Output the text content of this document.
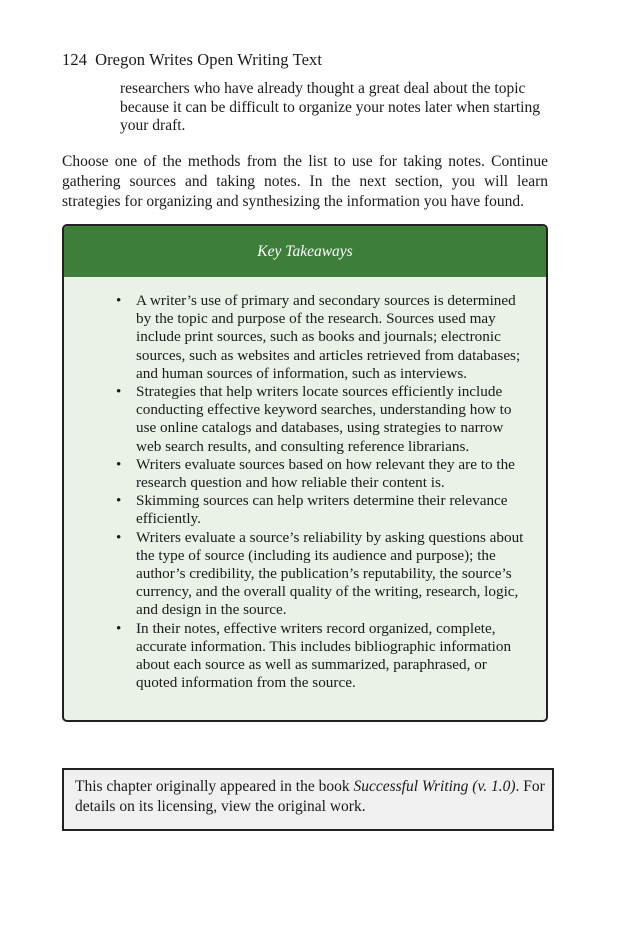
124 Oregon Writes Open Writing Text

researchers who have already thought a great deal about the topic because it can be difficult to organize your notes later when starting your draft.

Choose one of the methods from the list to use for taking notes. Continue gathering sources and taking notes. In the next section, you will learn strategies for organizing and synthesizing the information you have found.

Key Takeaways
• A writer’s use of primary and secondary sources is determined by the topic and purpose of the research. Sources used may include print sources, such as books and journals; electronic sources, such as websites and articles retrieved from databases; and human sources of information, such as interviews.
• Strategies that help writers locate sources efficiently include conducting effective keyword searches, understanding how to use online catalogs and databases, using strategies to narrow web search results, and consulting reference librarians.
• Writers evaluate sources based on how relevant they are to the research question and how reliable their content is.
• Skimming sources can help writers determine their relevance efficiently.
• Writers evaluate a source’s reliability by asking questions about the type of source (including its audience and purpose); the author’s credibility, the publication’s reputability, the source’s currency, and the overall quality of the writing, research, logic, and design in the source.
• In their notes, effective writers record organized, complete, accurate information. This includes bibliographic information about each source as well as summarized, paraphrased, or quoted information from the source.
This chapter originally appeared in the book Successful Writing (v. 1.0). For details on its licensing, view the original work.
